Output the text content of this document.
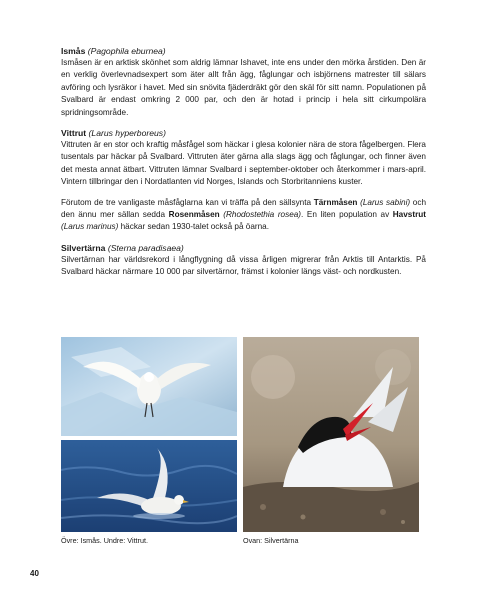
Ismås (Pagophila eburnea)

Ismåsen är en arktisk skönhet som aldrig lämnar Ishavet, inte ens under den mörka årstiden. Den är en verklig överlevnadsexpert som äter allt från ägg, fåglungar och isbjörnens matrester till sälars avföring och lysräkor i havet. Med sin snövita fjäderdräkt gör den skäl för sitt namn. Populationen på Svalbard är endast omkring 2 000 par, och den är hotad i princip i hela sitt cirkumpolära spridningsområde.

Vittrut (Larus hyperboreus)

Vittruten är en stor och kraftig måsfågel som häckar i glesa kolonier nära de stora fågelbergen. Flera tusentals par häckar på Svalbard. Vittruten äter gärna alla slags ägg och fåglungar, och finner även det mesta annat ätbart. Vittruten lämnar Svalbard i september-oktober och återkommer i mars-april. Vintern tillbringar den i Nordatlanten vid Norges, Islands och Storbritanniens kuster.

Förutom de tre vanligaste måsfåglarna kan vi träffa på den sällsynta Tärnmåsen (Larus sabini) och den ännu mer sällan sedda Rosenmåsen (Rhodostethia rosea). En liten population av Havstrut (Larus marinus) häckar sedan 1930-talet också på öarna.

Silvertärna (Sterna paradisaea)

Silvertärnan har världsrekord i långflygning då vissa årligen migrerar från Arktis till Antarktis. På Svalbard häckar närmare 10 000 par silvertärnor, främst i kolonier längs väst- och nordkusten.

Övre: Ismås. Undre: Vittrut.	Ovan: Silvertärna
40
